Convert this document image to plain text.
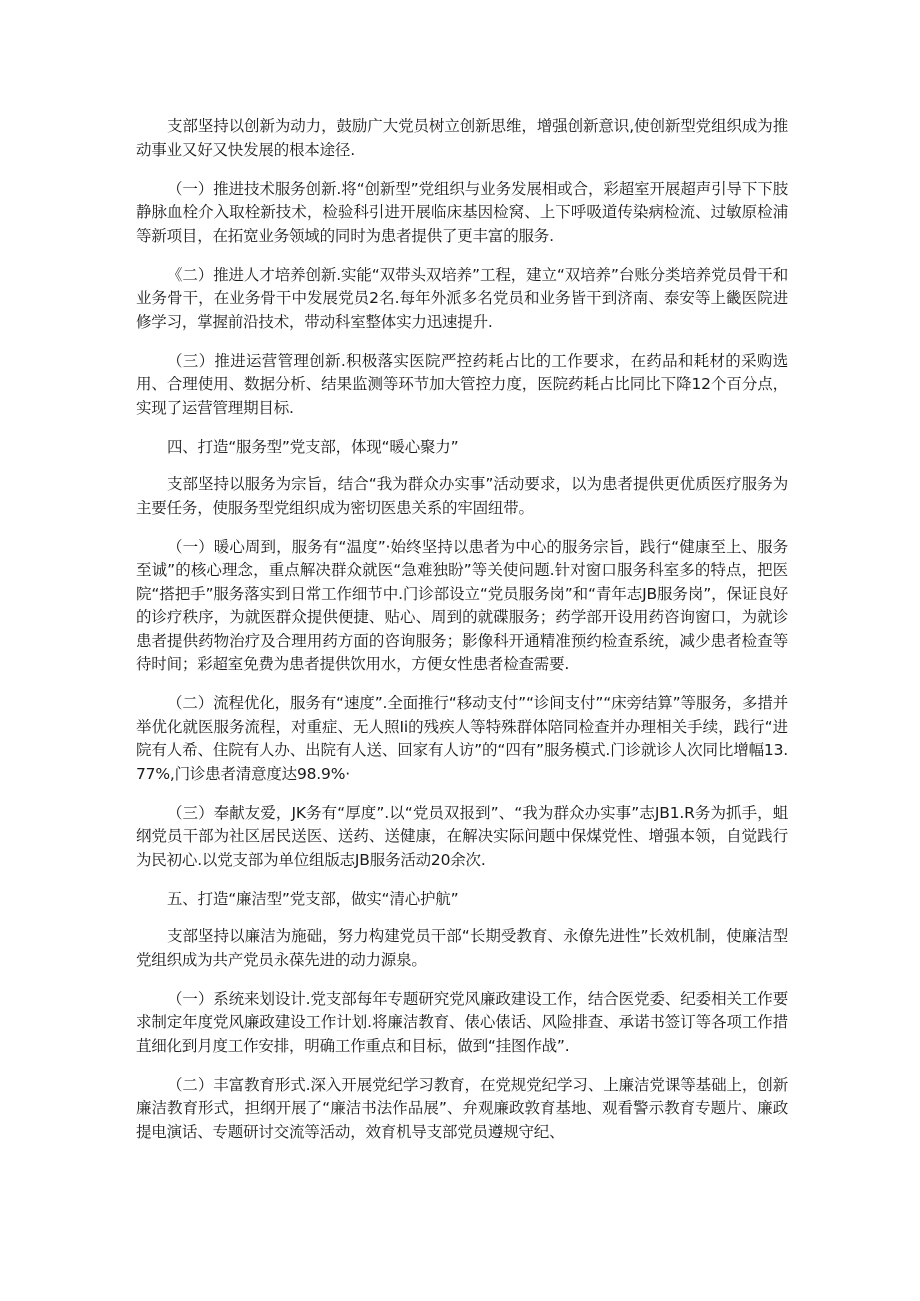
支部坚持以创新为动力，鼓励广大党员树立创新思维，增强创新意识,使创新型党组织成为推动事业又好又快发展的根本途径.

（一）推进技术服务创新.将“创新型”党组织与业务发展相或合，彩超室开展超声引导下下肢静脉血栓介入取栓新技术，检验科引进开展临床基因检窝、上下呼吸道传染病检流、过敏原检浦等新项目，在拓宽业务领域的同时为患者提供了更丰富的服务.

《二）推进人才培养创新.实能“双带头双培养”工程，建立“双培养”台账分类培养党员骨干和业务骨干，在业务骨干中发展党员2名.每年外派多名党员和业务皆干到济南、泰安等上畿医院进修学习，掌握前沿技术，带动科室整体实力迅速提升.

（三）推进运营管理创新.积极落实医院严控药耗占比的工作要求，在药品和耗材的采购选用、合理使用、数据分析、结果监测等环节加大管控力度，医院药耗占比同比下降12个百分点，实现了运营管理期目标.

四、打造“服务型”党支部，体现“暖心聚力”

支部坚持以服务为宗旨，结合“我为群众办实事”活动要求，以为患者提供更优质医疗服务为主要任务，使服务型党组织成为密切医患关系的牢固纽带。

（一）暖心周到，服务有“温度”·始终坚持以患者为中心的服务宗旨，践行“健康至上、服务至诚”的核心理念，重点解决群众就医“急难独盼”等关使问题.针对窗口服务科室多的特点，把医院“搭把手”服务落实到日常工作细节中.门诊部设立“党员服务岗”和“青年志JB服务岗”，保证良好的诊疗秩序，为就医群众提供便捷、贴心、周到的就碟服务；药学部开设用药咨询窗口，为就诊患者提供药物治疗及合理用药方面的咨询服务；影像科开通精准预约检查系统，减少患者检查等待时间；彩超室免费为患者提供饮用水，方便女性患者检查需要.

（二）流程优化，服务有“速度”.全面推行“移动支付”“诊间支付”“床旁结算”等服务，多措并举优化就医服务流程，对重症、无人照Ii的残疾人等特殊群体陪同检查并办理相关手续，践行“进院有人希、住院有人办、出院有人送、回家有人访”的“四有”服务模式.门诊就诊人次同比增幅13.77%,门诊患者清意度达98.9%·

（三）奉献友爱，JK务有“厚度”.以“党员双报到”、“我为群众办实事”志JB1.R务为抓手，蛆纲党员干部为社区居民送医、送药、送健康，在解决实际问题中保煤党性、增强本领，自觉践行为民初心.以党支部为单位组版志JB服务活动20余次.

五、打造“廉洁型”党支部，做实“清心护航”

支部坚持以廉洁为施础，努力构建党员干部“长期受教育、永僚先进性”长效机制，使廉洁型党组织成为共产党员永葆先进的动力源泉。

（一）系统来划设计.党支部每年专题研究党风廉政建设工作，结合医党委、纪委相关工作要求制定年度党风廉政建设工作计划.将廉洁教育、俵心俵话、风险排查、承诺书签订等各项工作措苴细化到月度工作安排，明确工作重点和目标，做到“挂图作战”.

（二）丰富教育形式.深入开展党纪学习教育，在党规党纪学习、上廉洁党课等基础上，创新廉洁教育形式，担纲开展了“廉洁书法作品展”、弁观廉政敦育基地、观看警示教育专题片、廉政提电演话、专题研讨交流等活动，效育机导支部党员遵规守纪、
